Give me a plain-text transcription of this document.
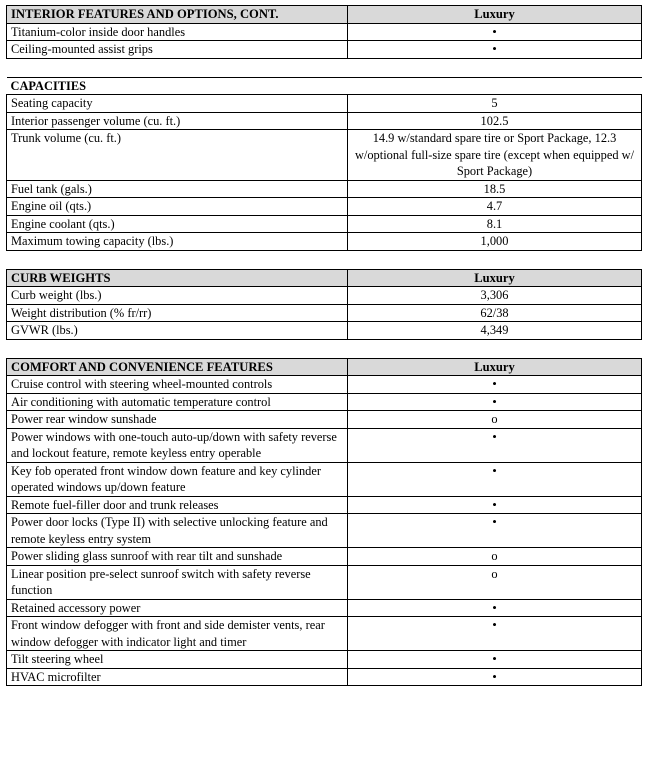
INTERIOR FEATURES AND OPTIONS, CONT.	Luxury
Titanium-color inside door handles	•
Ceiling-mounted assist grips	•

CAPACITIES	
Seating capacity	5
Interior passenger volume (cu. ft.)	102.5
Trunk volume (cu. ft.)	14.9 w/standard spare tire or Sport Package, 12.3 w/optional full-size spare tire (except when equipped w/ Sport Package)
Fuel tank (gals.)	18.5
Engine oil (qts.)	4.7
Engine coolant (qts.)	8.1
Maximum towing capacity (lbs.)	1,000

CURB WEIGHTS	Luxury
Curb weight (lbs.)	3,306
Weight distribution (% fr/rr)	62/38
GVWR (lbs.)	4,349

COMFORT AND CONVENIENCE FEATURES	Luxury
Cruise control with steering wheel-mounted controls	•
Air conditioning with automatic temperature control	•
Power rear window sunshade	o
Power windows with one-touch auto-up/down with safety reverse and lockout feature, remote keyless entry operable	•
Key fob operated front window down feature and key cylinder operated windows up/down feature	•
Remote fuel-filler door and trunk releases	•
Power door locks (Type II) with selective unlocking feature and remote keyless entry system	•
Power sliding glass sunroof with rear tilt and sunshade	o
Linear position pre-select sunroof switch with safety reverse function	o
Retained accessory power	•
Front window defogger with front and side demister vents, rear window defogger with indicator light and timer	•
Tilt steering wheel	•
HVAC microfilter	•
